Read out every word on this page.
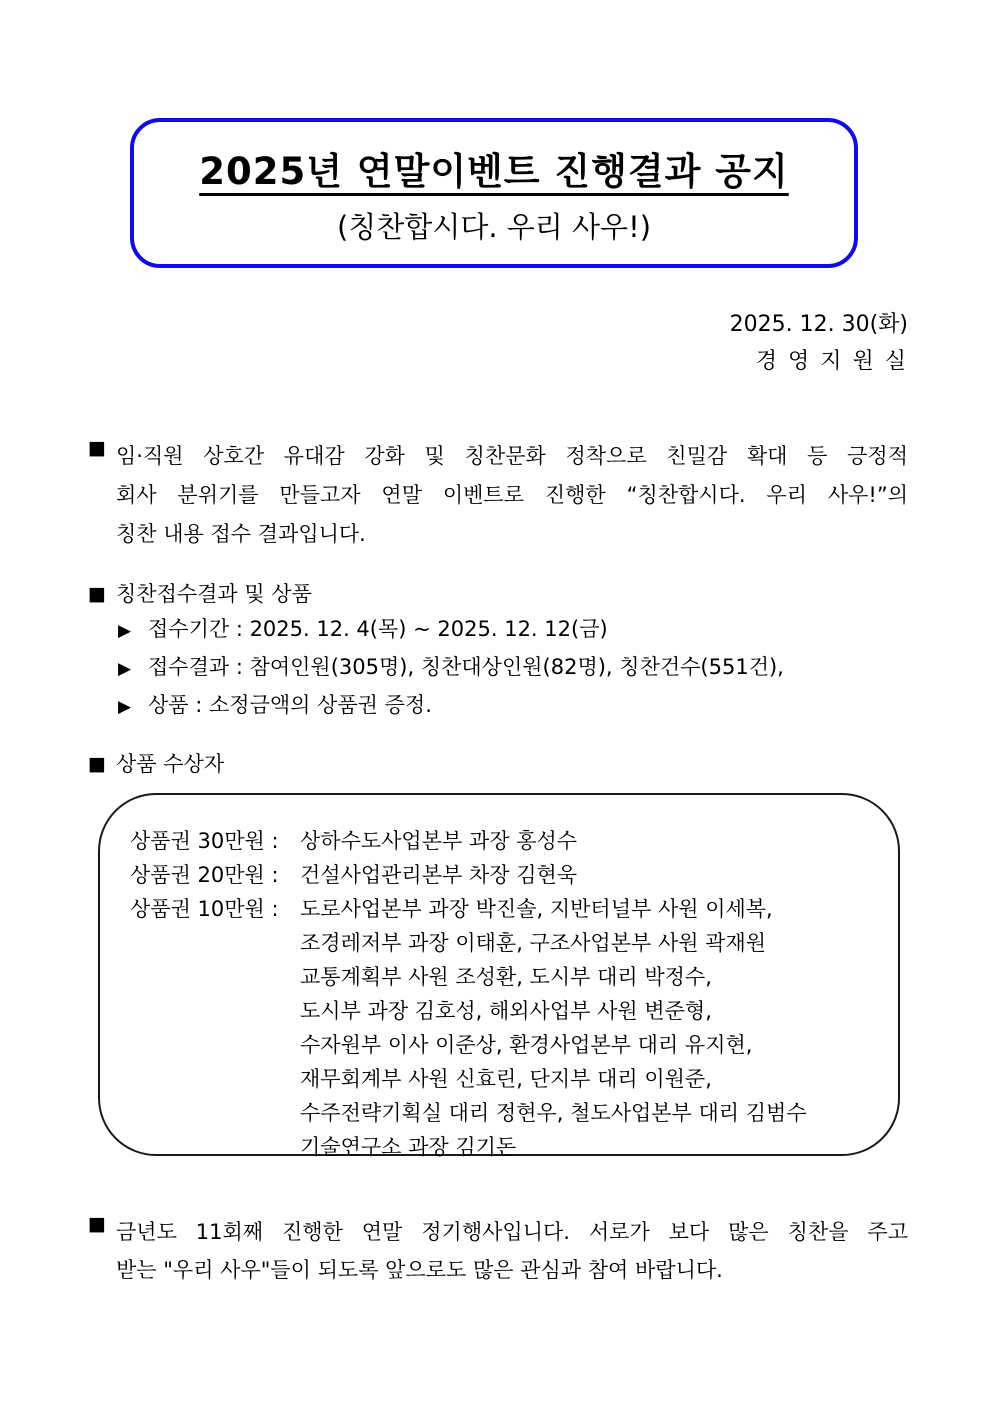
2025년 연말이벤트 진행결과 공지
(칭찬합시다. 우리 사우!)
2025. 12. 30(화)
경 영 지 원 실
■ 임·직원 상호간 유대감 강화 및 칭찬문화 정착으로 친밀감 확대 등 긍정적
회사 분위기를 만들고자 연말 이벤트로 진행한 “칭찬합시다. 우리 사우!”의
칭찬 내용 접수 결과입니다.
■ 칭찬접수결과 및 상품
▶ 접수기간 : 2025. 12. 4(목) ~ 2025. 12. 12(금)
▶ 접수결과 : 참여인원(305명), 칭찬대상인원(82명), 칭찬건수(551건),
▶ 상품 : 소정금액의 상품권 증정.
■ 상품 수상자
상품권 30만원 :	상하수도사업본부 과장 홍성수
상품권 20만원 :	건설사업관리본부 차장 김현욱
상품권 10만원 :	도로사업본부 과장 박진솔, 지반터널부 사원 이세복,
조경레저부 과장 이태훈, 구조사업본부 사원 곽재원
교통계획부 사원 조성환, 도시부 대리 박정수,
도시부 과장 김호성, 해외사업부 사원 변준형,
수자원부 이사 이준상, 환경사업본부 대리 유지현,
재무회계부 사원 신효린, 단지부 대리 이원준,
수주전략기획실 대리 정현우, 철도사업본부 대리 김범수
기술연구소 과장 김기돈
■ 금년도 11회째 진행한 연말 정기행사입니다. 서로가 보다 많은 칭찬을 주고
받는 "우리 사우"들이 되도록 앞으로도 많은 관심과 참여 바랍니다.
